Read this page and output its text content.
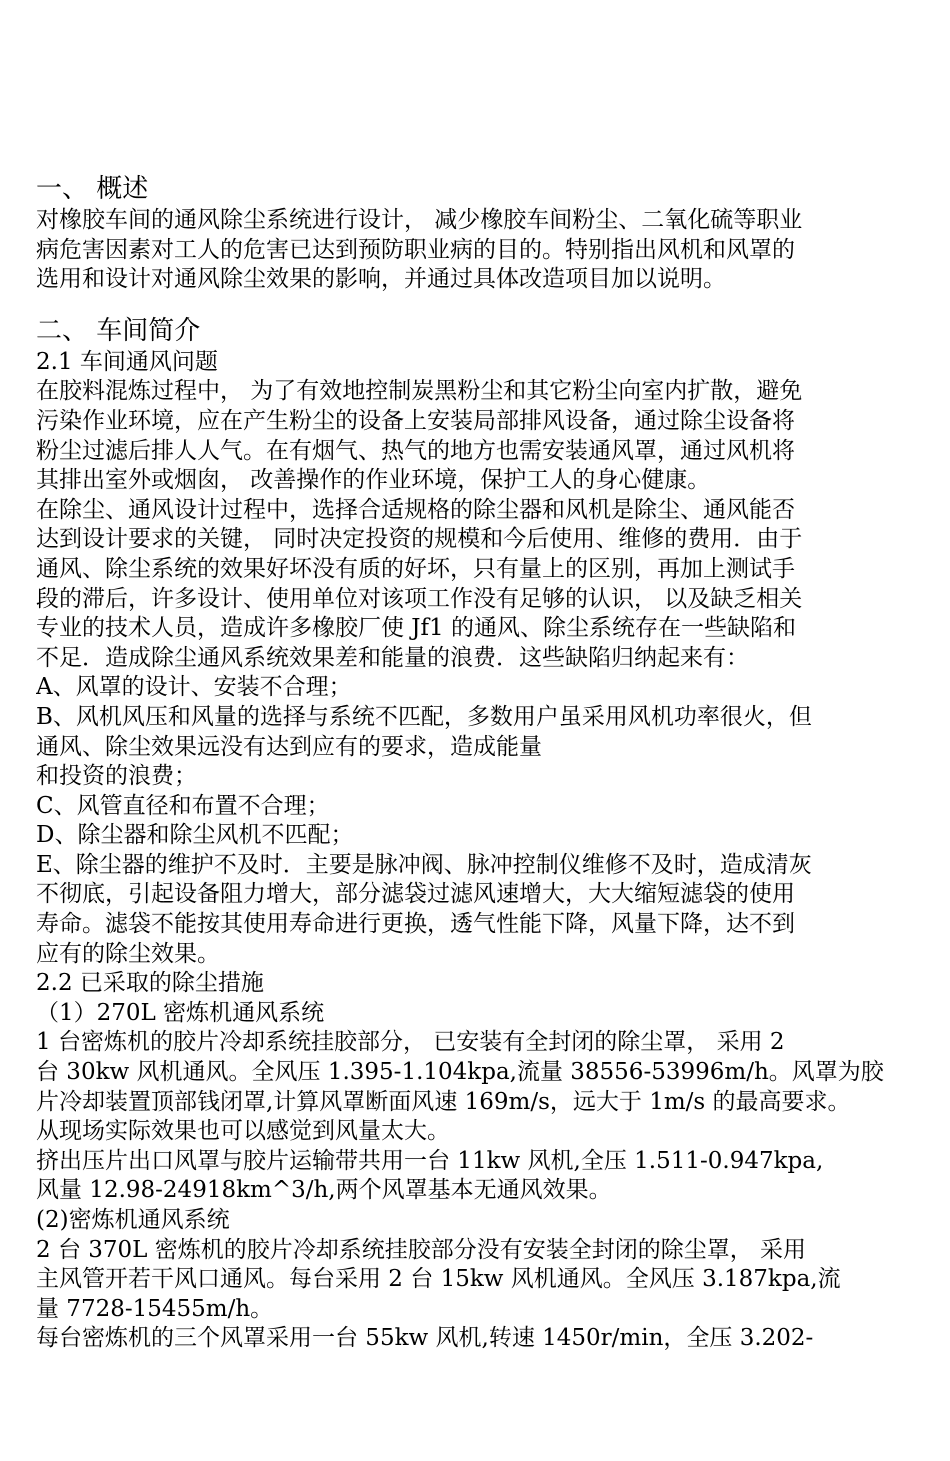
一、 概述
对橡胶车间的通风除尘系统进行设计， 减少橡胶车间粉尘、二氧化硫等职业
病危害因素对工人的危害已达到预防职业病的目的。特别指出风机和风罩的
选用和设计对通风除尘效果的影响，并通过具体改造项目加以说明。
二、 车间简介
2.1 车间通风问题
在胶料混炼过程中， 为了有效地控制炭黑粉尘和其它粉尘向室内扩散，避免
污染作业环境，应在产生粉尘的设备上安装局部排风设备，通过除尘设备将
粉尘过滤后排人人气。在有烟气、热气的地方也需安装通风罩，通过风机将
其排出室外或烟囱， 改善操作的作业环境，保护工人的身心健康。
在除尘、通风设计过程中，选择合适规格的除尘器和风机是除尘、通风能否
达到设计要求的关键， 同时决定投资的规模和今后使用、维修的费用．由于
通风、除尘系统的效果好坏没有质的好坏，只有量上的区别，再加上测试手
段的滞后，许多设计、使用单位对该项工作没有足够的认识， 以及缺乏相关
专业的技术人员，造成许多橡胶厂使 Jf1 的通风、除尘系统存在一些缺陷和
不足．造成除尘通风系统效果差和能量的浪费．这些缺陷归纳起来有：
A、风罩的设计、安装不合理；
B、风机风压和风量的选择与系统不匹配，多数用户虽采用风机功率很火，但
通风、除尘效果远没有达到应有的要求，造成能量
和投资的浪费；
C、风管直径和布置不合理；
D、除尘器和除尘风机不匹配；
E、除尘器的维护不及时．主要是脉冲阀、脉冲控制仪维修不及时，造成清灰
不彻底，引起设备阻力增大，部分滤袋过滤风速增大，大大缩短滤袋的使用
寿命。滤袋不能按其使用寿命进行更换，透气性能下降，风量下降，达不到
应有的除尘效果。
2.2 已采取的除尘措施
（1）270L 密炼机通风系统
1 台密炼机的胶片冷却系统挂胶部分， 已安装有全封闭的除尘罩， 采用 2
台 30kw 风机通风。全风压 1.395-1.104kpa,流量 38556-53996m/h。风罩为胶
片冷却装置顶部钱闭罩,计算风罩断面风速 169m/s，远大于 1m/s 的最高要求。
从现场实际效果也可以感觉到风量太大。
挤出压片出口风罩与胶片运输带共用一台 11kw 风机,全压 1.511-0.947kpa,
风量 12.98-24918km^3/h,两个风罩基本无通风效果。
(2)密炼机通风系统
2 台 370L 密炼机的胶片冷却系统挂胶部分没有安装全封闭的除尘罩， 采用
主风管开若干风口通风。每台采用 2 台 15kw 风机通风。全风压 3.187kpa,流
量 7728-15455m/h。
每台密炼机的三个风罩采用一台 55kw 风机,转速 1450r/min，全压 3.202-
